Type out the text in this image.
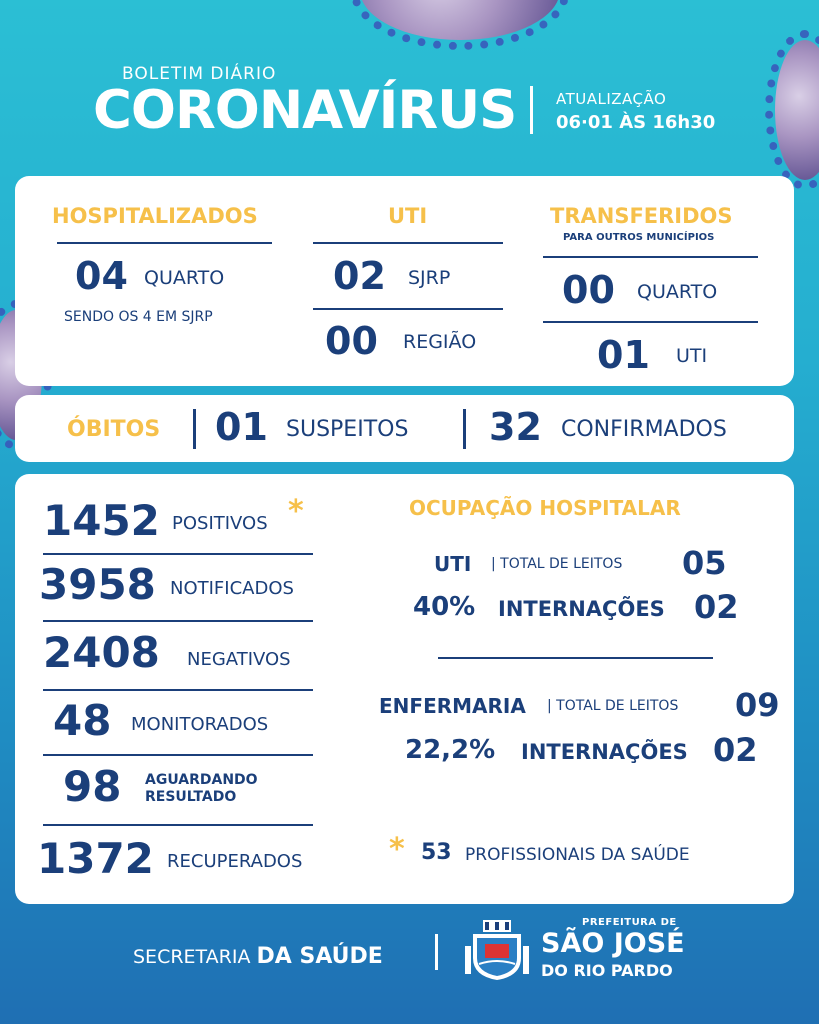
BOLETIM DIÁRIO
CORONAVÍRUS	ATUALIZAÇÃO
06·01 ÀS 16h30
HOSPITALIZADOS
04 QUARTO
SENDO OS 4 EM SJRP
UTI
02 SJRP
00 REGIÃO
TRANSFERIDOS
PARA OUTROS MUNICÍPIOS
00 QUARTO
01 UTI
ÓBITOS 01 SUSPEITOS 32 CONFIRMADOS
1452 POSITIVOS *
3958 NOTIFICADOS
2408 NEGATIVOS
48 MONITORADOS
98 AGUARDANDO
RESULTADO
1372 RECUPERADOS
OCUPAÇÃO HOSPITALAR
UTI | TOTAL DE LEITOS 05
40% INTERNAÇÕES 02
ENFERMARIA | TOTAL DE LEITOS 09
22,2% INTERNAÇÕES 02
* 53 PROFISSIONAIS DA SAÚDE
SECRETARIA DA SAÚDE
PREFEITURA DE
SÃO JOSÉ
DO RIO PARDO
